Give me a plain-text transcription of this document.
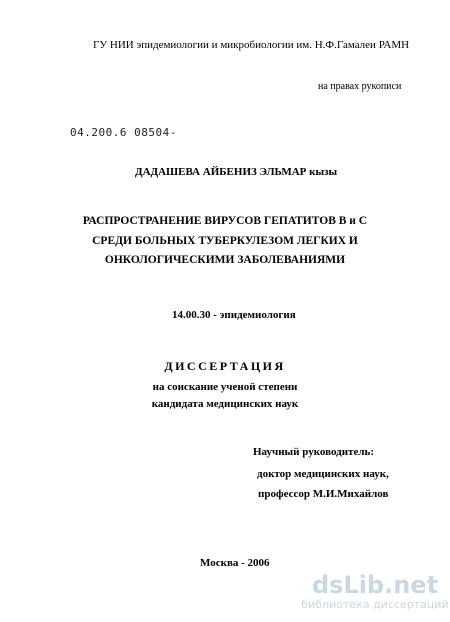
ГУ НИИ эпидемиологии и микробиологии им. Н.Ф.Гамалеи РАМН
на правах рукописи
04.200.6 08504-
ДАДАШЕВА АЙБЕНИЗ ЭЛЬМАР кызы
РАСПРОСТРАНЕНИЕ ВИРУСОВ ГЕПАТИТОВ В и С
СРЕДИ БОЛЬНЫХ ТУБЕРКУЛЕЗОМ ЛЕГКИХ И
ОНКОЛОГИЧЕСКИМИ ЗАБОЛЕВАНИЯМИ
14.00.30 - эпидемиология
ДИССЕРТАЦИЯ
на соискание ученой степени
кандидата медицинских наук
Научный руководитель:
доктор медицинских наук,
профессор М.И.Михайлов
Москва - 2006
dsLib.net
библиотека диссертаций
